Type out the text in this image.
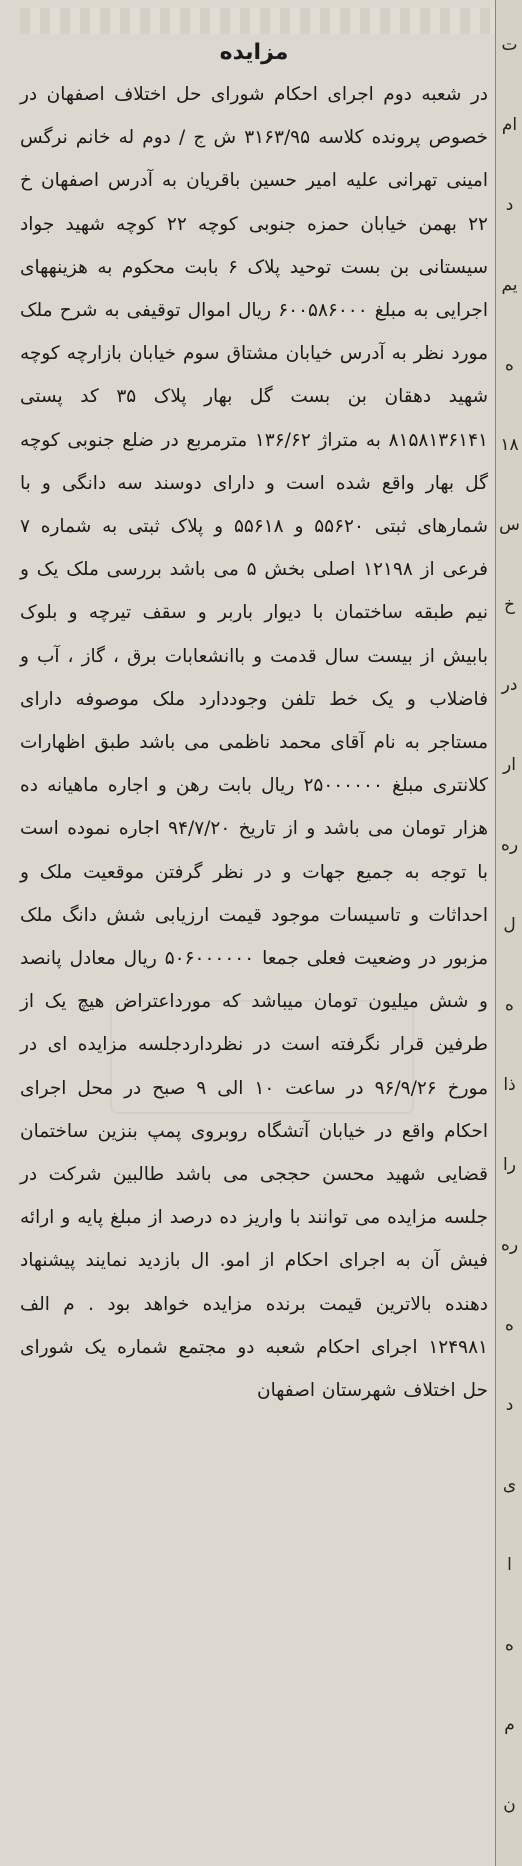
مزایده

در شعبه دوم اجرای احکام شورای حل اختلاف اصفهان در خصوص پرونده کلاسه ۳۱۶۳/۹۵ ش ج / دوم له خانم نرگس امینی تهرانی علیه امیر حسین باقریان به آدرس اصفهان خ ۲۲ بهمن خیابان حمزه جنوبی کوچه ۲۲ کوچه شهید جواد سیستانی بن بست توحید پلاک ۶ بابت محکوم به هزینههای اجرایی به مبلغ ۶۰۰۵۸۶۰۰۰ ریال اموال توقیفی به شرح ملک مورد نظر به آدرس خیابان مشتاق سوم خیابان بازارچه کوچه شهید دهقان بن بست گل بهار پلاک ۳۵ کد پستی ۸۱۵۸۱۳۶۱۴۱ به متراژ ۱۳۶/۶۲ مترمربع در ضلع جنوبی کوچه گل بهار واقع شده است و دارای دوسند سه دانگی و با شمارهای ثبتی ۵۵۶۲۰ و ۵۵۶۱۸ و پلاک ثبتی به شماره ۷ فرعی از ۱۲۱۹۸ اصلی بخش ۵ می باشد بررسی ملک یک و نیم طبقه ساختمان با دیوار باربر و سقف تیرچه و بلوک بابیش از بیست سال قدمت و باانشعابات برق ، گاز ، آب و فاضلاب و یک خط تلفن وجوددارد ملک موصوفه دارای مستاجر به نام آقای محمد ناظمی می باشد طبق اظهارات کلانتری مبلغ ۲۵۰۰۰۰۰۰ ریال بابت رهن و اجاره ماهیانه ده هزار تومان می باشد و از تاریخ ۹۴/۷/۲۰ اجاره نموده است با توجه به جمیع جهات و در نظر گرفتن موقعیت ملک و احداثات و تاسیسات موجود قیمت ارزیابی شش دانگ ملک مزبور در وضعیت فعلی جمعا ۵۰۶۰۰۰۰۰۰ ریال معادل پانصد و شش میلیون تومان میباشد که مورداعتراض هیچ یک از طرفین قرار نگرفته است در نظرداردجلسه مزایده ای در مورخ ۹۶/۹/۲۶ در ساعت ۱۰ الی ۹ صبح در محل اجرای احکام واقع در خیابان آتشگاه روبروی پمپ بنزین ساختمان قضایی شهید محسن حججی می باشد طالبین شرکت در جلسه مزایده می توانند با واریز ده درصد از مبلغ پایه و ارائه فیش آن به اجرای احکام از امو. ال بازدید نمایند پیشنهاد دهنده بالاترین قیمت برنده مزایده خواهد بود . م الف ۱۲۴۹۸۱ اجرای احکام شعبه دو مجتمع شماره یک شورای حل اختلاف شهرستان اصفهان

ت
ام
د
يم
ه
۱۸
س
خ
در
ار
ره
ل
ه
ذا
را
ره
ه
د
ی
ا
ه
م
ن
